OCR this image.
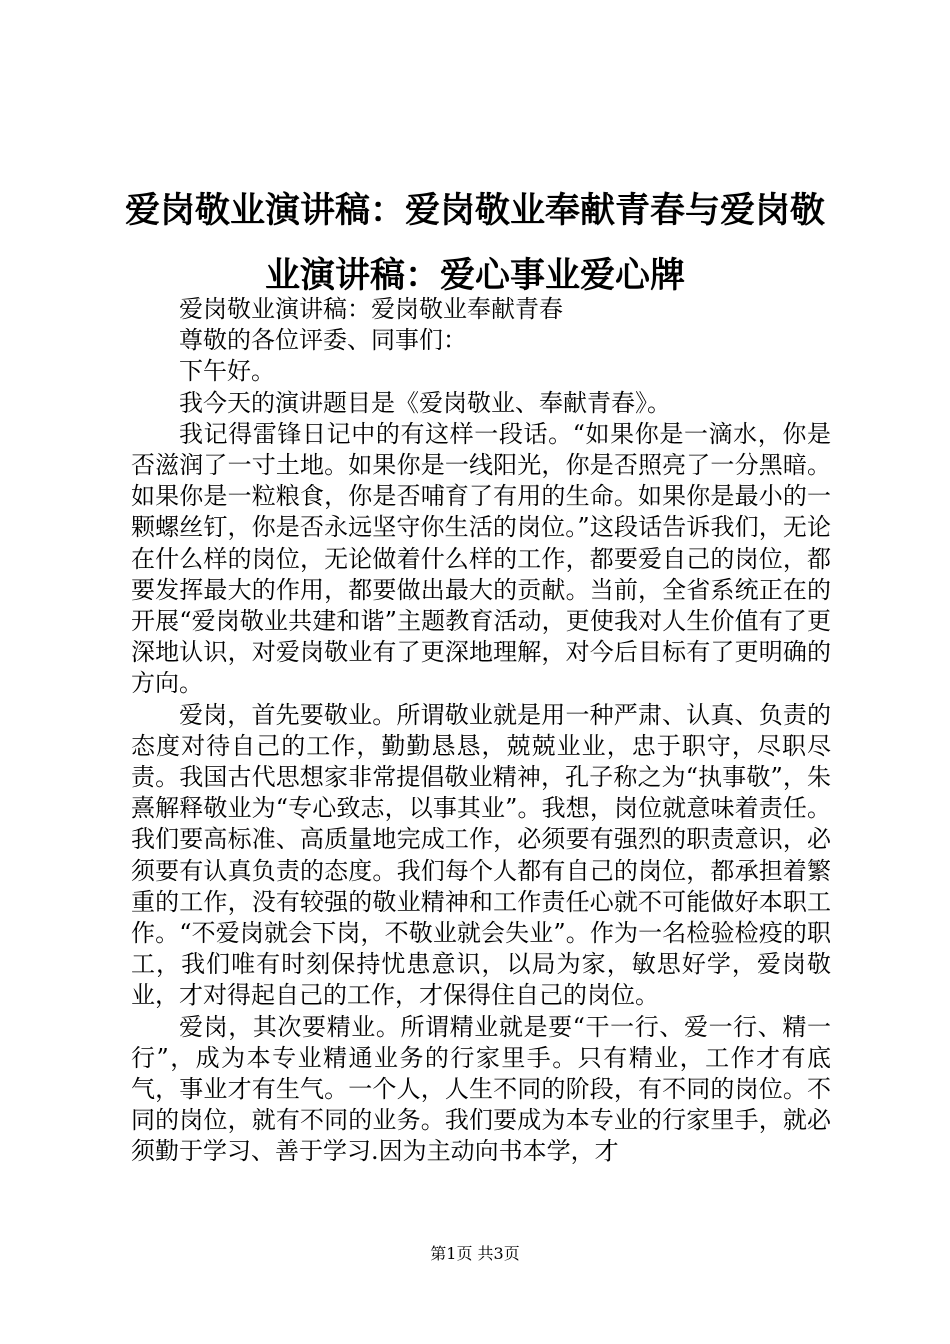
爱岗敬业演讲稿：爱岗敬业奉献青春与爱岗敬业演讲稿：爱心事业爱心牌

爱岗敬业演讲稿：爱岗敬业奉献青春

尊敬的各位评委、同事们：

下午好。

我今天的演讲题目是《爱岗敬业、奉献青春》。

我记得雷锋日记中的有这样一段话。“如果你是一滴水，你是否滋润了一寸土地。如果你是一线阳光，你是否照亮了一分黑暗。如果你是一粒粮食，你是否哺育了有用的生命。如果你是最小的一颗螺丝钉，你是否永远坚守你生活的岗位。”这段话告诉我们，无论在什么样的岗位，无论做着什么样的工作，都要爱自己的岗位，都要发挥最大的作用，都要做出最大的贡献。当前，全省系统正在的开展“爱岗敬业共建和谐”主题教育活动，更使我对人生价值有了更深地认识，对爱岗敬业有了更深地理解，对今后目标有了更明确的方向。

爱岗，首先要敬业。所谓敬业就是用一种严肃、认真、负责的态度对待自己的工作，勤勤恳恳，兢兢业业，忠于职守，尽职尽责。我国古代思想家非常提倡敬业精神，孔子称之为“执事敬”，朱熹解释敬业为“专心致志，以事其业”。我想，岗位就意味着责任。我们要高标准、高质量地完成工作，必须要有强烈的职责意识，必须要有认真负责的态度。我们每个人都有自己的岗位，都承担着繁重的工作，没有较强的敬业精神和工作责任心就不可能做好本职工作。“不爱岗就会下岗，不敬业就会失业”。作为一名检验检疫的职工，我们唯有时刻保持忧患意识，以局为家，敏思好学，爱岗敬业，才对得起自己的工作，才保得住自己的岗位。

爱岗，其次要精业。所谓精业就是要“干一行、爱一行、精一行”，成为本专业精通业务的行家里手。只有精业，工作才有底气，事业才有生气。一个人，人生不同的阶段，有不同的岗位。不同的岗位，就有不同的业务。我们要成为本专业的行家里手，就必须勤于学习、善于学习.因为主动向书本学，才

第1页 共3页
